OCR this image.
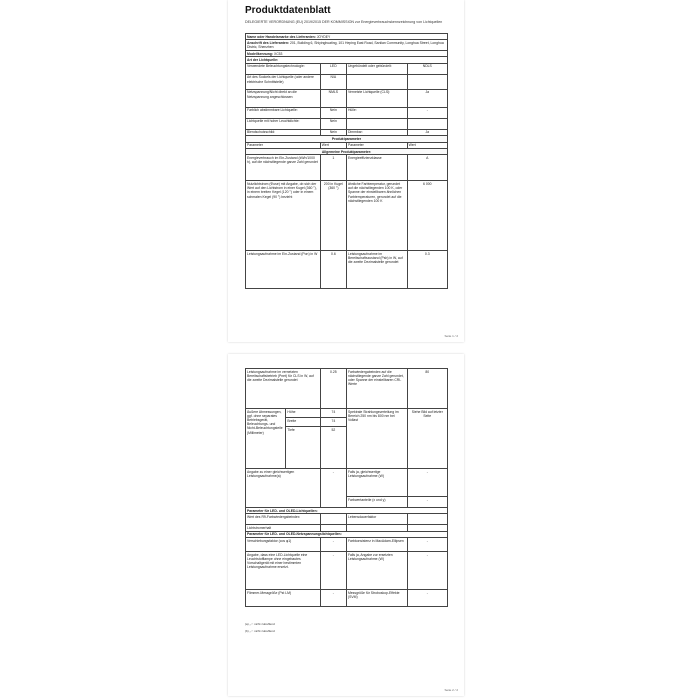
Produktdatenblatt
DELEGIERTE VERORDNUNG (EU) 2019/2015 DER KOMMISSION zur Energieverbrauchskennzeichnung von Lichtquellen
Name oder Handelsmarke des Lieferanten: JOYDEY			
Anschrift des Lieferanten: 201, Building 6, Shiyinghuating, 101 Heping East Road, Sanlian Community, Longhua Street, Longhua Distric, Shenzhen			
Modellkennung: XC53			
Art der Lichtquelle:			
Verwendete Beleuchtungstechnologie:	LED	Ungebündelt oder gebündelt:	NDLS
Art des Sockels der Lichtquelle (oder andere elektrische Schnittstelle)	N/A		
Netzspannung/Nicht direkt an die Netzspannung angeschlossen:	NMLS	Vernetzte Lichtquelle (CLS):	Ja
Farblich abstimmbare Lichtquelle:	Nein	Hülle:	-
Lichtquelle mit hoher Leuchtdichte:	Nein		
Blendschutzschild:	Nein	Dimmbar:	Ja
Produktparameter			
Parameter	Wert	Parameter	Wert
Allgemeine Produktparameter:			
Energieverbrauch im Ein-Zustand (kWh/1000 h), auf die nächstliegende ganze Zahl gerundet	1	Energieeffizienzklasse	A
Nutzlichtstrom (Φuse) mit Angabe, ob sich der Wert auf den Lichtstrom in einer Kugel (360 °), in einem breiten Kegel (120 °) oder in einem schmalen Kegel (90 °) bezieht	200 in Kugel (360 °)	ähnliche Farbtemperatur, gerundet auf die nächstliegenden 100 K, oder Spanne der einstellbaren ähnlichen Farbtemperaturen, gerundet auf die nächstliegenden 100 K	6 000
Leistungsaufnahme im Ein-Zustand (Pon) in W	0.6	Leistungsaufnahme im Bereitschaftszustand (Psb) in W, auf die zweite Dezimalstelle gerundet	0.3
Seite 1 / 2
Leistungsaufnahme im vernetzten Bereitschaftsbetrieb (Pnet) für CLS in W, auf die zweite Dezimalstelle gerundet		0.25	Farbwiedergabeindex auf die nächstliegende ganze Zahl gerundet, oder Spanne der einstellbaren CRI-Werte	80
Äußere Abmessungen, ggf. ohne separates Betriebsgerät, Beleuchtungs- und Nicht-Beleuchtungsteile (Millimeter)	Höhe	74	Spektrale Strahlungsverteilung im Bereich 250 nm bis 800 nm bei Vollast	Siehe Bild auf letzter Seite
	Breite	74		
	Tiefe	52		
Angabe zu einer gleichwertigen Leistungsaufnahme(a)		-	Falls ja, gleichwertige Leistungsaufnahme (W)	-
			Farbwertanteile (x und y)	-
Parameter für LED- und OLED-Lichtquellen:				
Wert des R9-Farbwiedergabeindex			Lebensdauerfaktor	
Lichtstromerhalt				
Parameter für LED- und OLED-Netzspannungslichtquellen:				
Verschiebungsfaktor (cos φ1)		-	Farbkonsistenz in MacAdam-Ellipsen	-
Angabe, dass eine LED-Lichtquelle eine Leuchtstofflampe ohne eingebautes Vorschaltgerät mit einer bestimmten Leistungsaufnahme ersetzt.		-	Falls ja, Angabe zur ersetzten Leistungsaufnahme (W)	-
Flimmer-Messgröße (Pst LM)		-	Messgröße für Stroboskop-Effekte (SVM)	-
(a) „-“: nicht zutreffend
(b) „-“: nicht zutreffend
Seite 2 / 2
